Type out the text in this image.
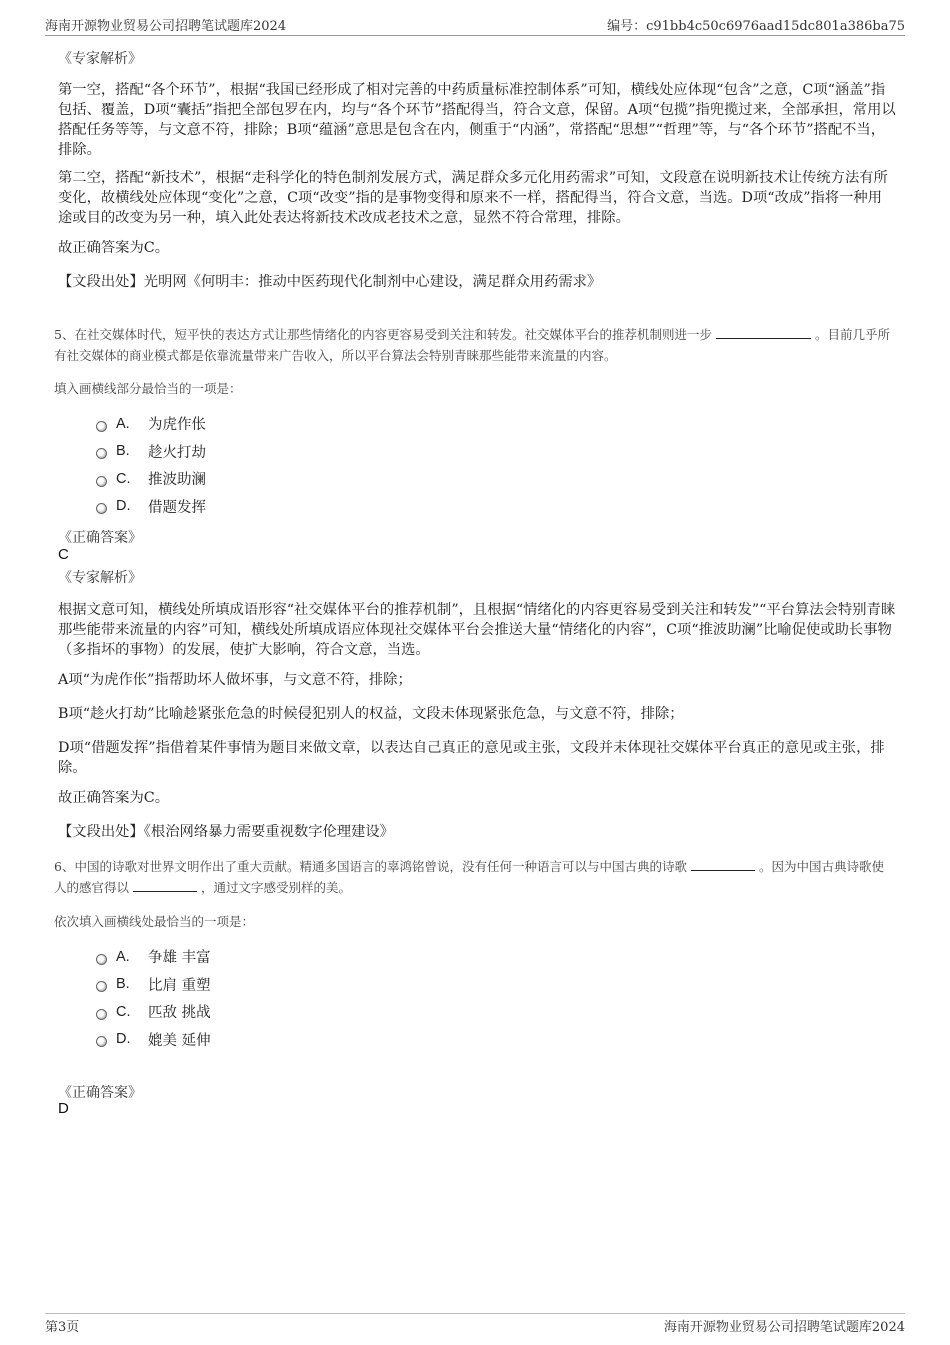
海南开源物业贸易公司招聘笔试题库2024	编号：c91bb4c50c6976aad15dc801a386ba75
《专家解析》
第一空，搭配“各个环节”，根据“我国已经形成了相对完善的中药质量标准控制体系”可知，横线处应体现“包含”之意，C项“涵盖”指包括、覆盖，D项“囊括”指把全部包罗在内，均与“各个环节”搭配得当，符合文意，保留。A项“包揽”指兜揽过来，全部承担，常用以搭配任务等等，与文意不符，排除；B项“蕴涵”意思是包含在内，侧重于“内涵”，常搭配“思想”“哲理”等，与“各个环节”搭配不当，排除。
第二空，搭配“新技术”，根据“走科学化的特色制剂发展方式，满足群众多元化用药需求”可知，文段意在说明新技术让传统方法有所变化，故横线处应体现“变化”之意，C项“改变”指的是事物变得和原来不一样，搭配得当，符合文意，当选。D项“改成”指将一种用途或目的改变为另一种，填入此处表达将新技术改成老技术之意，显然不符合常理，排除。
故正确答案为C。
【文段出处】光明网《何明丰：推动中医药现代化制剂中心建设，满足群众用药需求》
5、在社交媒体时代，短平快的表达方式让那些情绪化的内容更容易受到关注和转发。社交媒体平台的推荐机制则进一步	。目前几乎所有社交媒体的商业模式都是依靠流量带来广告收入，所以平台算法会特别青睐那些能带来流量的内容。
填入画横线部分最恰当的一项是：
A.	为虎作伥
B.	趁火打劫
C.	推波助澜
D.	借题发挥
《正确答案》
C
《专家解析》
根据文意可知，横线处所填成语形容“社交媒体平台的推荐机制”，且根据“情绪化的内容更容易受到关注和转发”“平台算法会特别青睐那些能带来流量的内容”可知，横线处所填成语应体现社交媒体平台会推送大量“情绪化的内容”，C项“推波助澜”比喻促使或助长事物（多指坏的事物）的发展，使扩大影响，符合文意，当选。
A项“为虎作伥”指帮助坏人做坏事，与文意不符，排除；
B项“趁火打劫”比喻趁紧张危急的时候侵犯别人的权益，文段未体现紧张危急，与文意不符，排除；
D项“借题发挥”指借着某件事情为题目来做文章，以表达自己真正的意见或主张，文段并未体现社交媒体平台真正的意见或主张，排除。
故正确答案为C。
【文段出处】《根治网络暴力需要重视数字伦理建设》
6、中国的诗歌对世界文明作出了重大贡献。精通多国语言的辜鸿铭曾说，没有任何一种语言可以与中国古典的诗歌	。因为中国古典诗歌使人的感官得以	，通过文字感受别样的美。
依次填入画横线处最恰当的一项是：
A.	争雄 丰富
B.	比肩 重塑
C.	匹敌 挑战
D.	媲美 延伸
《正确答案》
D
第3页	海南开源物业贸易公司招聘笔试题库2024
